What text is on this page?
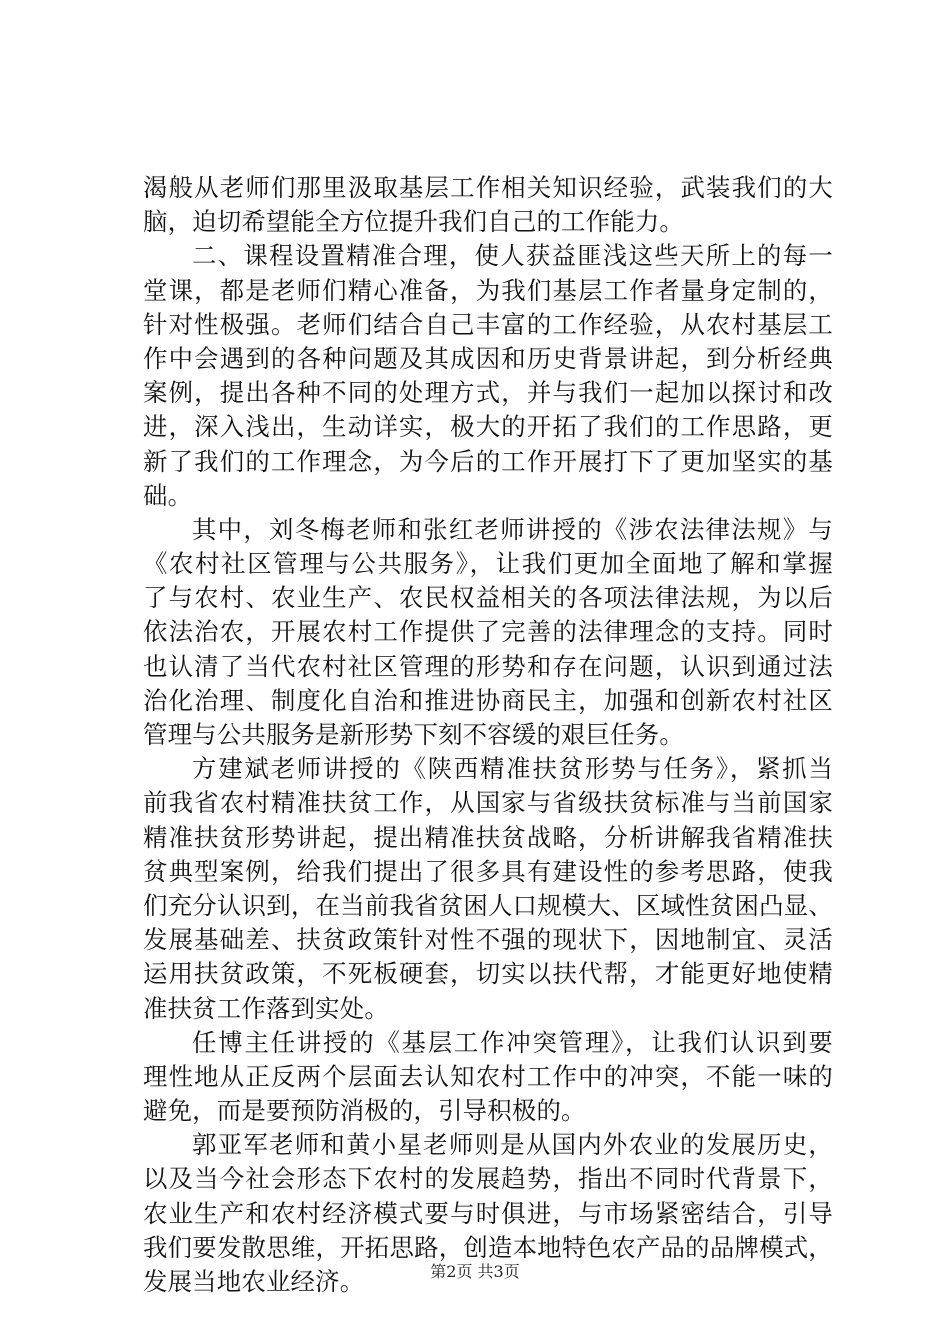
渴般从老师们那里汲取基层工作相关知识经验，武装我们的大
脑，迫切希望能全方位提升我们自己的工作能力。
二、课程设置精准合理，使人获益匪浅这些天所上的每一
堂课，都是老师们精心准备，为我们基层工作者量身定制的，
针对性极强。老师们结合自己丰富的工作经验，从农村基层工
作中会遇到的各种问题及其成因和历史背景讲起，到分析经典
案例，提出各种不同的处理方式，并与我们一起加以探讨和改
进，深入浅出，生动详实，极大的开拓了我们的工作思路，更
新了我们的工作理念，为今后的工作开展打下了更加坚实的基
础。
其中，刘冬梅老师和张红老师讲授的《涉农法律法规》与
《农村社区管理与公共服务》，让我们更加全面地了解和掌握
了与农村、农业生产、农民权益相关的各项法律法规，为以后
依法治农，开展农村工作提供了完善的法律理念的支持。同时
也认清了当代农村社区管理的形势和存在问题，认识到通过法
治化治理、制度化自治和推进协商民主，加强和创新农村社区
管理与公共服务是新形势下刻不容缓的艰巨任务。
方建斌老师讲授的《陕西精准扶贫形势与任务》，紧抓当
前我省农村精准扶贫工作，从国家与省级扶贫标准与当前国家
精准扶贫形势讲起，提出精准扶贫战略，分析讲解我省精准扶
贫典型案例，给我们提出了很多具有建设性的参考思路，使我
们充分认识到，在当前我省贫困人口规模大、区域性贫困凸显、
发展基础差、扶贫政策针对性不强的现状下，因地制宜、灵活
运用扶贫政策，不死板硬套，切实以扶代帮，才能更好地使精
准扶贫工作落到实处。
任博主任讲授的《基层工作冲突管理》，让我们认识到要
理性地从正反两个层面去认知农村工作中的冲突，不能一味的
避免，而是要预防消极的，引导积极的。
郭亚军老师和黄小星老师则是从国内外农业的发展历史，
以及当今社会形态下农村的发展趋势，指出不同时代背景下，
农业生产和农村经济模式要与时俱进，与市场紧密结合，引导
我们要发散思维，开拓思路，创造本地特色农产品的品牌模式，
发展当地农业经济。	第2页 共3页
